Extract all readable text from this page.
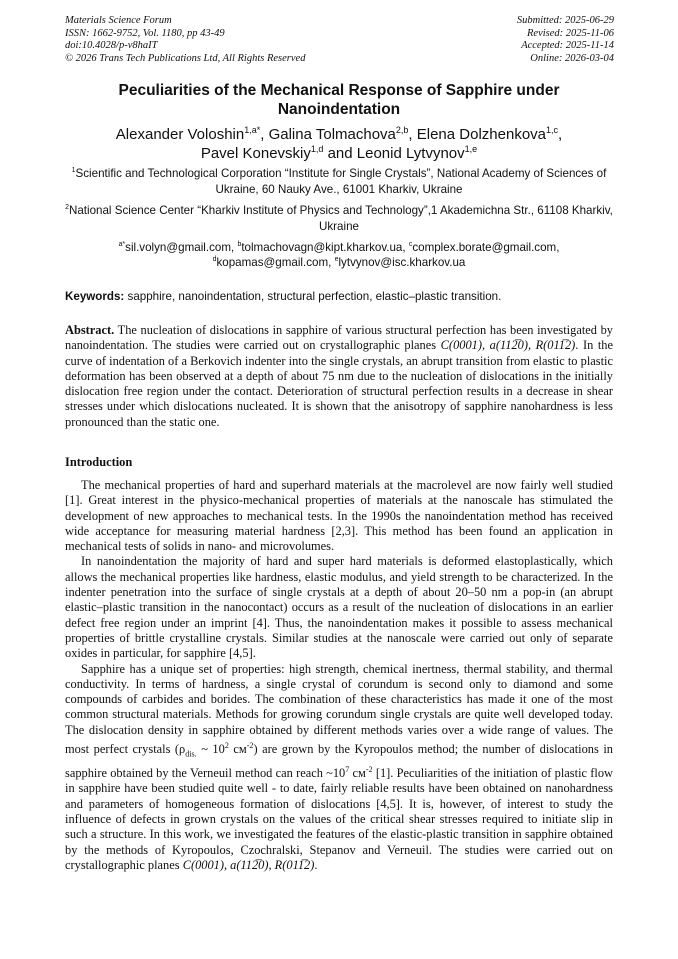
Materials Science Forum
ISSN: 1662-9752, Vol. 1180, pp 43-49
doi:10.4028/p-v8haIT
© 2026 Trans Tech Publications Ltd, All Rights Reserved
Submitted: 2025-06-29
Revised: 2025-11-06
Accepted: 2025-11-14
Online: 2026-03-04
Peculiarities of the Mechanical Response of Sapphire under Nanoindentation
Alexander Voloshin$^{1,a*}$, Galina Tolmachova$^{2,b}$, Elena Dolzhenkova$^{1,c}$,
Pavel Konevskiy$^{1,d}$ and Leonid Lytvynov$^{1,e}$
$^1$Scientific and Technological Corporation “Institute for Single Crystals”, National Academy of Sciences of Ukraine, 60 Nauky Ave., 61001 Kharkiv, Ukraine
$^2$National Science Center “Kharkiv Institute of Physics and Technology”,1 Akademichna Str., 61108 Kharkiv, Ukraine
$^{a*}$sil.volyn@gmail.com, $^b$tolmachovagn@kipt.kharkov.ua, $^c$complex.borate@gmail.com,
$^d$kopamas@gmail.com, $^e$lytvynov@isc.kharkov.ua
Keywords: sapphire, nanoindentation, structural perfection, elastic–plastic transition.
Abstract. The nucleation of dislocations in sapphire of various structural perfection has been investigated by nanoindentation. The studies were carried out on crystallographic planes C(0001), a(112̅0), R(011̅2). In the curve of indentation of a Berkovich indenter into the single crystals, an abrupt transition from elastic to plastic deformation has been observed at a depth of about 75 nm due to the nucleation of dislocations in the initially dislocation free region under the contact. Deterioration of structural perfection results in a decrease in shear stresses under which dislocations nucleated. It is shown that the anisotropy of sapphire nanohardness is less pronounced than the static one.
Introduction

The mechanical properties of hard and superhard materials at the macrolevel are now fairly well studied [1]. Great interest in the physico-mechanical properties of materials at the nanoscale has stimulated the development of new approaches to mechanical tests. In the 1990s the nanoindentation method has received wide acceptance for measuring material hardness [2,3]. This method has been found an application in mechanical tests of solids in nano- and microvolumes.

In nanoindentation the majority of hard and super hard materials is deformed elastoplastically, which allows the mechanical properties like hardness, elastic modulus, and yield strength to be characterized. In the indenter penetration into the surface of single crystals at a depth of about 20–50 nm a pop-in (an abrupt elastic–plastic transition in the nanocontact) occurs as a result of the nucleation of dislocations in an earlier defect free region under an imprint [4]. Thus, the nanoindentation makes it possible to assess mechanical properties of brittle crystalline crystals. Similar studies at the nanoscale were carried out only of separate oxides in particular, for sapphire [4,5].

Sapphire has a unique set of properties: high strength, chemical inertness, thermal stability, and thermal conductivity. In terms of hardness, a single crystal of corundum is second only to diamond and some compounds of carbides and borides. The combination of these characteristics has made it one of the most common structural materials. Methods for growing corundum single crystals are quite well developed today. The dislocation density in sapphire obtained by different methods varies over a wide range of values. The most perfect crystals ($\rho_{dis.}$ ~ $10^2$ $см^{-2}$) are grown by the Kyropoulos method; the number of dislocations in sapphire obtained by the Verneuil method can reach $\sim 10^7$ $см^{-2}$ [1]. Peculiarities of the initiation of plastic flow in sapphire have been studied quite well - to date, fairly reliable results have been obtained on nanohardness and parameters of homogeneous formation of dislocations [4,5]. It is, however, of interest to study the influence of defects in grown crystals on the values of the critical shear stresses required to initiate slip in such a structure. In this work, we investigated the features of the elastic-plastic transition in sapphire obtained by the methods of Kyropoulos, Czochralski, Stepanov and Verneuil. The studies were carried out on crystallographic planes C(0001), a(112̅0), R(011̅2).
